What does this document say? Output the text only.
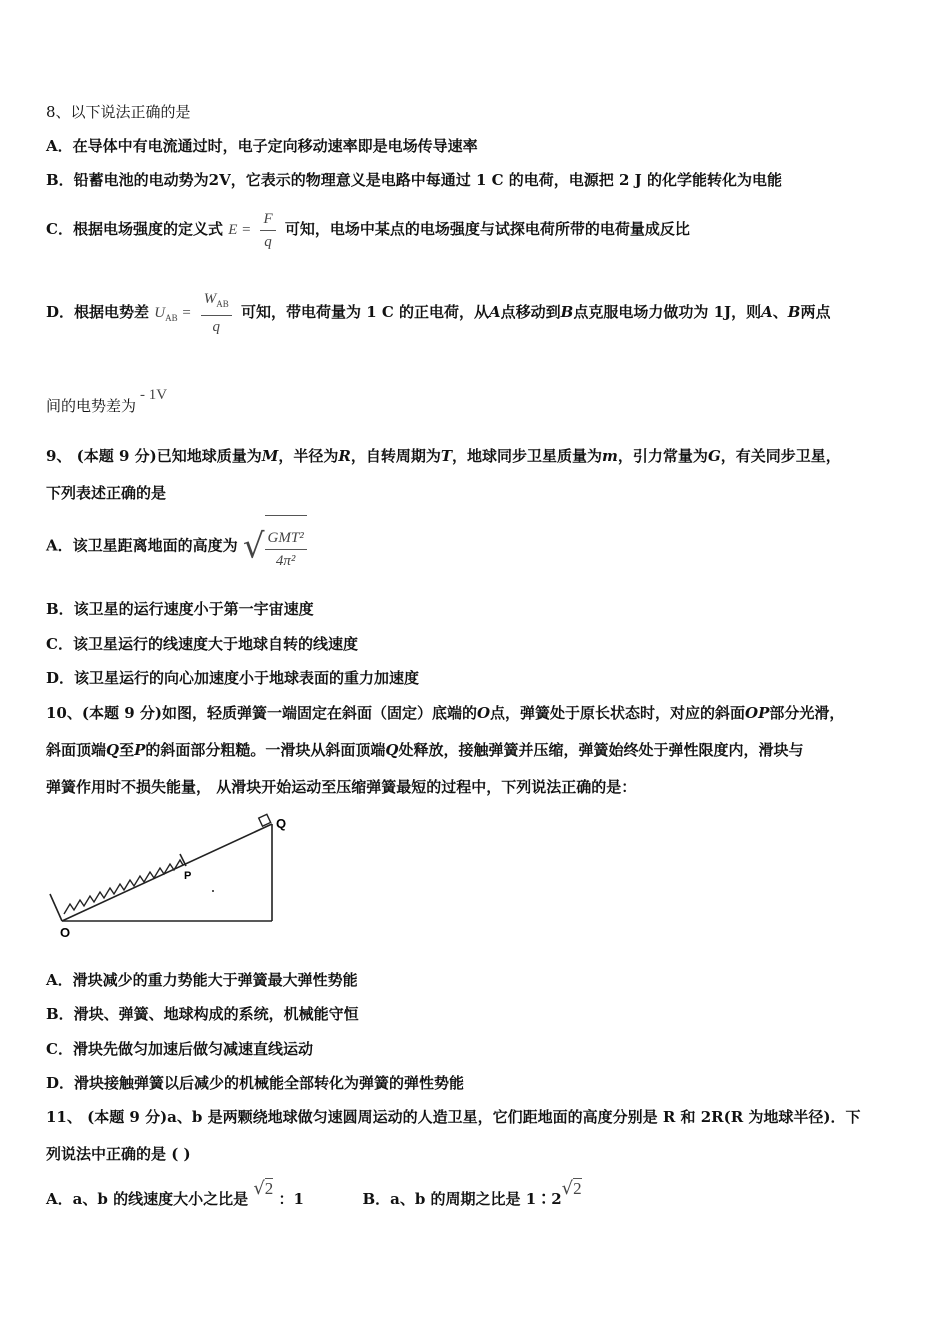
8、以下说法正确的是
A．在导体中有电流通过时，电子定向移动速率即是电场传导速率
B．铅蓄电池的电动势为2V，它表示的物理意义是电路中每通过 1 C 的电荷，电源把 2 J 的化学能转化为电能
C．根据电场强度的定义式 $E = \frac{F}{q}$ 可知，电场中某点的电场强度与试探电荷所带的电荷量成反比
D．根据电势差 $U_{AB} = \frac{W_{AB}}{q}$ 可知，带电荷量为 1 C 的正电荷，从A点移动到B点克服电场力做功为 1J，则A、B两点
间的电势差为- 1V
9、 (本题 9 分)已知地球质量为M，半径为R，自转周期为T，地球同步卫星质量为m，引力常量为G，有关同步卫星，
下列表述正确的是
A．该卫星距离地面的高度为 √ $\frac{\text{GMT²}}{\text{4π²}}$
B．该卫星的运行速度小于第一宇宙速度
C．该卫星运行的线速度大于地球自转的线速度
D．该卫星运行的向心加速度小于地球表面的重力加速度
10、(本题 9 分)如图，轻质弹簧一端固定在斜面（固定）底端的O点，弹簧处于原长状态时，对应的斜面OP部分光滑，
斜面顶端Q至P的斜面部分粗糙。一滑块从斜面顶端Q处释放，接触弹簧并压缩，弹簧始终处于弹性限度内，滑块与
弹簧作用时不损失能量， 从滑块开始运动至压缩弹簧最短的过程中，下列说法正确的是：
O
P
Q
A．滑块减少的重力势能大于弹簧最大弹性势能
B．滑块、弹簧、地球构成的系统，机械能守恒
C．滑块先做匀加速后做匀减速直线运动
D．滑块接触弹簧以后减少的机械能全部转化为弹簧的弹性势能
11、 (本题 9 分)a、b 是两颗绕地球做匀速圆周运动的人造卫星，它们距地面的高度分别是 R 和 2R(R 为地球半径)．下
列说法中正确的是 ( )
A．a、b 的线速度大小之比是 √2 ：1	B．a、b 的周期之比是 1∶2√2
